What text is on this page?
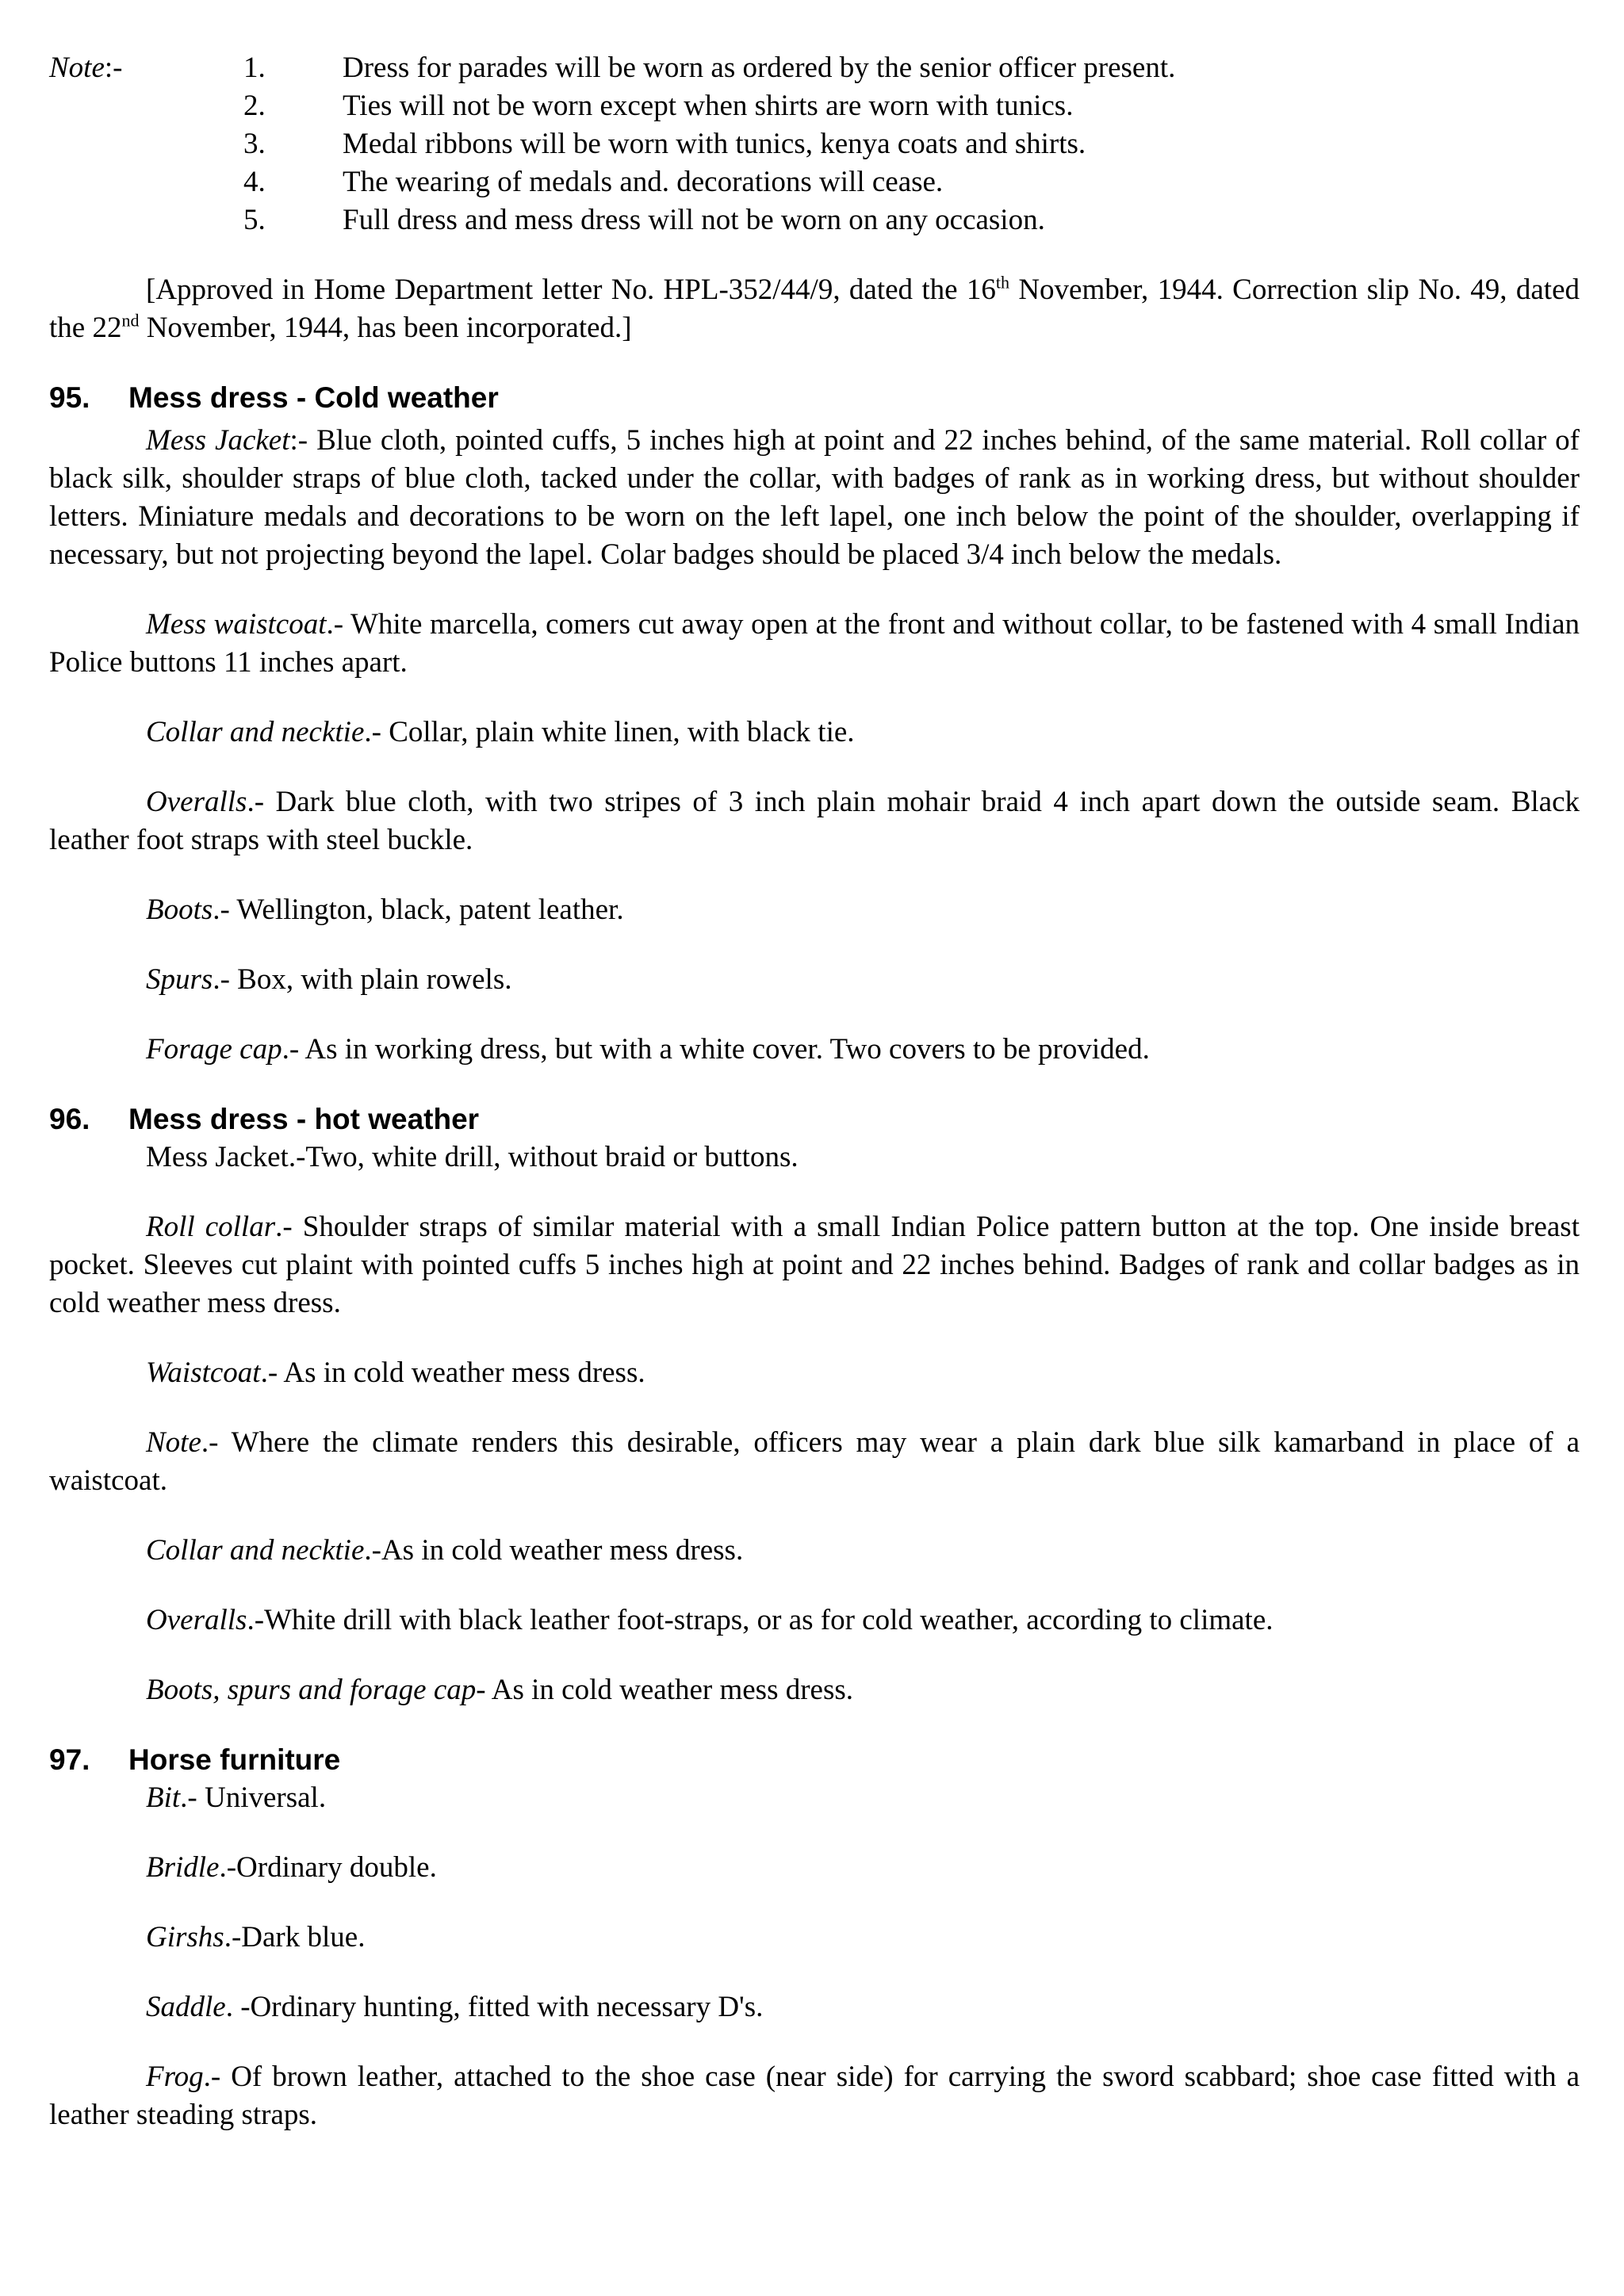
Note:-	1.	Dress for parades will be worn as ordered by the senior officer present.
2.	Ties will not be worn except when shirts are worn with tunics.
3.	Medal ribbons will be worn with tunics, kenya coats and shirts.
4.	The wearing of medals and. decorations will cease.
5.	Full dress and mess dress will not be worn on any occasion.

[Approved in Home Department letter No. HPL-352/44/9, dated the 16th November, 1944. Correction slip No. 49, dated the 22nd November, 1944, has been incorporated.]

95. Mess dress - Cold weather

Mess Jacket:- Blue cloth, pointed cuffs, 5 inches high at point and 22 inches behind, of the same material. Roll collar of black silk, shoulder straps of blue cloth, tacked under the collar, with badges of rank as in working dress, but without shoulder letters. Miniature medals and decorations to be worn on the left lapel, one inch below the point of the shoulder, overlapping if necessary, but not projecting beyond the lapel. Colar badges should be placed 3/4 inch below the medals.

Mess waistcoat.- White marcella, comers cut away open at the front and without collar, to be fastened with 4 small Indian Police buttons 11 inches apart.

Collar and necktie.- Collar, plain white linen, with black tie.

Overalls.- Dark blue cloth, with two stripes of 3 inch plain mohair braid 4 inch apart down the outside seam. Black leather foot straps with steel buckle.

Boots.- Wellington, black, patent leather.

Spurs.- Box, with plain rowels.

Forage cap.- As in working dress, but with a white cover. Two covers to be provided.

96. Mess dress - hot weather

Mess Jacket.-Two, white drill, without braid or buttons.

Roll collar.- Shoulder straps of similar material with a small Indian Police pattern button at the top. One inside breast pocket. Sleeves cut plaint with pointed cuffs 5 inches high at point and 22 inches behind. Badges of rank and collar badges as in cold weather mess dress.

Waistcoat.- As in cold weather mess dress.

Note.- Where the climate renders this desirable, officers may wear a plain dark blue silk kamarband in place of a waistcoat.

Collar and necktie.-As in cold weather mess dress.

Overalls.-White drill with black leather foot-straps, or as for cold weather, according to climate.

Boots, spurs and forage cap- As in cold weather mess dress.

97. Horse furniture

Bit.- Universal.

Bridle.-Ordinary double.

Girshs.-Dark blue.

Saddle. -Ordinary hunting, fitted with necessary D's.

Frog.- Of brown leather, attached to the shoe case (near side) for carrying the sword scabbard; shoe case fitted with a leather steading straps.
